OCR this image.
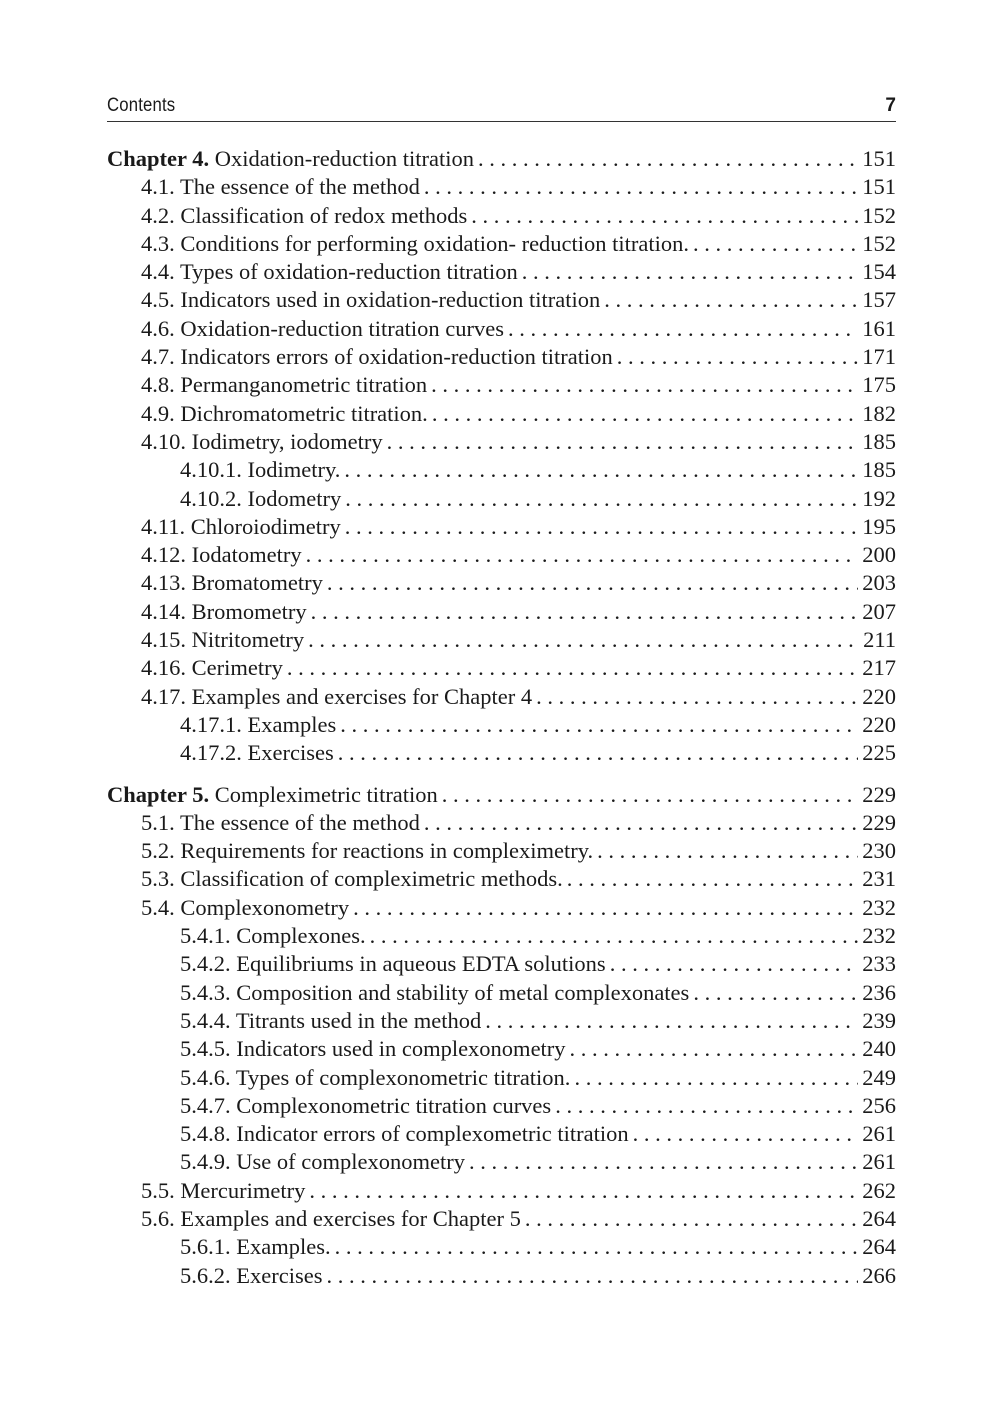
Contents	7
Chapter 4. Oxidation-reduction titration . . .	151
4.1. The essence of the method . . .	151
4.2. Classification of redox methods . . .	152
4.3. Conditions for performing oxidation- reduction titration. . . .	152
4.4. Types of oxidation-reduction titration . . .	154
4.5. Indicators used in oxidation-reduction titration . . .	157
4.6. Oxidation-reduction titration curves . . .	161
4.7. Indicators errors of oxidation-reduction titration . . .	171
4.8. Permanganometric titration . . .	175
4.9. Dichromatometric titration. . . .	182
4.10. Iodimetry, iodometry . . .	185
4.10.1. Iodimetry. . . .	185
4.10.2. Iodometry . . .	192
4.11. Chloroiodimetry . . .	195
4.12. Iodatometry . . .	200
4.13. Bromatometry . . .	203
4.14. Bromometry . . .	207
4.15. Nitritometry . . .	211
4.16. Cerimetry . . .	217
4.17. Examples and exercises for Chapter 4 . . .	220
4.17.1. Examples . . .	220
4.17.2. Exercises . . .	225
Chapter 5. Compleximetric titration . . .	229
5.1. The essence of the method . . .	229
5.2. Requirements for reactions in compleximetry. . . .	230
5.3. Classification of compleximetric methods. . . .	231
5.4. Complexonometry . . .	232
5.4.1. Complexones. . . .	232
5.4.2. Equilibriums in aqueous EDTA solutions . . .	233
5.4.3. Composition and stability of metal complexonates . . .	236
5.4.4. Titrants used in the method . . .	239
5.4.5. Indicators used in complexonometry . . .	240
5.4.6. Types of complexonometric titration. . . .	249
5.4.7. Complexonometric titration curves . . .	256
5.4.8. Indicator errors of complexometric titration . . .	261
5.4.9. Use of complexonometry . . .	261
5.5. Mercurimetry . . .	262
5.6. Examples and exercises for Chapter 5 . . .	264
5.6.1. Examples. . . .	264
5.6.2. Exercises . . .	266
